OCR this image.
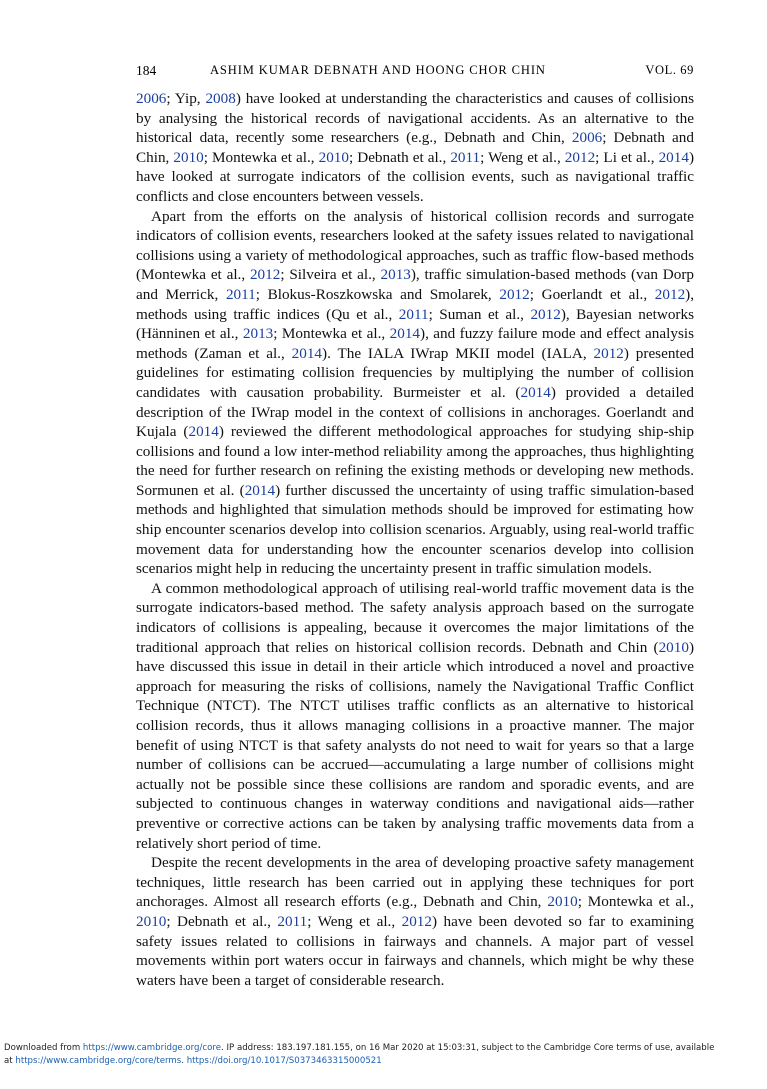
184	ASHIM KUMAR DEBNATH AND HOONG CHOR CHIN	VOL. 69

2006; Yip, 2008) have looked at understanding the characteristics and causes of collisions by analysing the historical records of navigational accidents. As an alternative to the historical data, recently some researchers (e.g., Debnath and Chin, 2006; Debnath and Chin, 2010; Montewka et al., 2010; Debnath et al., 2011; Weng et al., 2012; Li et al., 2014) have looked at surrogate indicators of the collision events, such as navigational traffic conflicts and close encounters between vessels.

Apart from the efforts on the analysis of historical collision records and surrogate indicators of collision events, researchers looked at the safety issues related to navigational collisions using a variety of methodological approaches, such as traffic flow-based methods (Montewka et al., 2012; Silveira et al., 2013), traffic simulation-based methods (van Dorp and Merrick, 2011; Blokus-Roszkowska and Smolarek, 2012; Goerlandt et al., 2012), methods using traffic indices (Qu et al., 2011; Suman et al., 2012), Bayesian networks (Hänninen et al., 2013; Montewka et al., 2014), and fuzzy failure mode and effect analysis methods (Zaman et al., 2014). The IALA IWrap MKII model (IALA, 2012) presented guidelines for estimating collision frequencies by multiplying the number of collision candidates with causation probability. Burmeister et al. (2014) provided a detailed description of the IWrap model in the context of collisions in anchorages. Goerlandt and Kujala (2014) reviewed the different methodological approaches for studying ship-ship collisions and found a low inter-method reliability among the approaches, thus highlighting the need for further research on refining the existing methods or developing new methods. Sormunen et al. (2014) further discussed the uncertainty of using traffic simulation-based methods and highlighted that simulation methods should be improved for estimating how ship encounter scenarios develop into collision scenarios. Arguably, using real-world traffic movement data for understanding how the encounter scenarios develop into collision scenarios might help in reducing the uncertainty present in traffic simulation models.

A common methodological approach of utilising real-world traffic movement data is the surrogate indicators-based method. The safety analysis approach based on the surrogate indicators of collisions is appealing, because it overcomes the major limitations of the traditional approach that relies on historical collision records. Debnath and Chin (2010) have discussed this issue in detail in their article which introduced a novel and proactive approach for measuring the risks of collisions, namely the Navigational Traffic Conflict Technique (NTCT). The NTCT utilises traffic conflicts as an alternative to historical collision records, thus it allows managing collisions in a proactive manner. The major benefit of using NTCT is that safety analysts do not need to wait for years so that a large number of collisions can be accrued—accumulating a large number of collisions might actually not be possible since these collisions are random and sporadic events, and are subjected to continuous changes in waterway conditions and navigational aids—rather preventive or corrective actions can be taken by analysing traffic movements data from a relatively short period of time.

Despite the recent developments in the area of developing proactive safety management techniques, little research has been carried out in applying these techniques for port anchorages. Almost all research efforts (e.g., Debnath and Chin, 2010; Montewka et al., 2010; Debnath et al., 2011; Weng et al., 2012) have been devoted so far to examining safety issues related to collisions in fairways and channels. A major part of vessel movements within port waters occur in fairways and channels, which might be why these waters have been a target of considerable research.

Downloaded from https://www.cambridge.org/core. IP address: 183.197.181.155, on 16 Mar 2020 at 15:03:31, subject to the Cambridge Core terms of use, available
at https://www.cambridge.org/core/terms. https://doi.org/10.1017/S0373463315000521
